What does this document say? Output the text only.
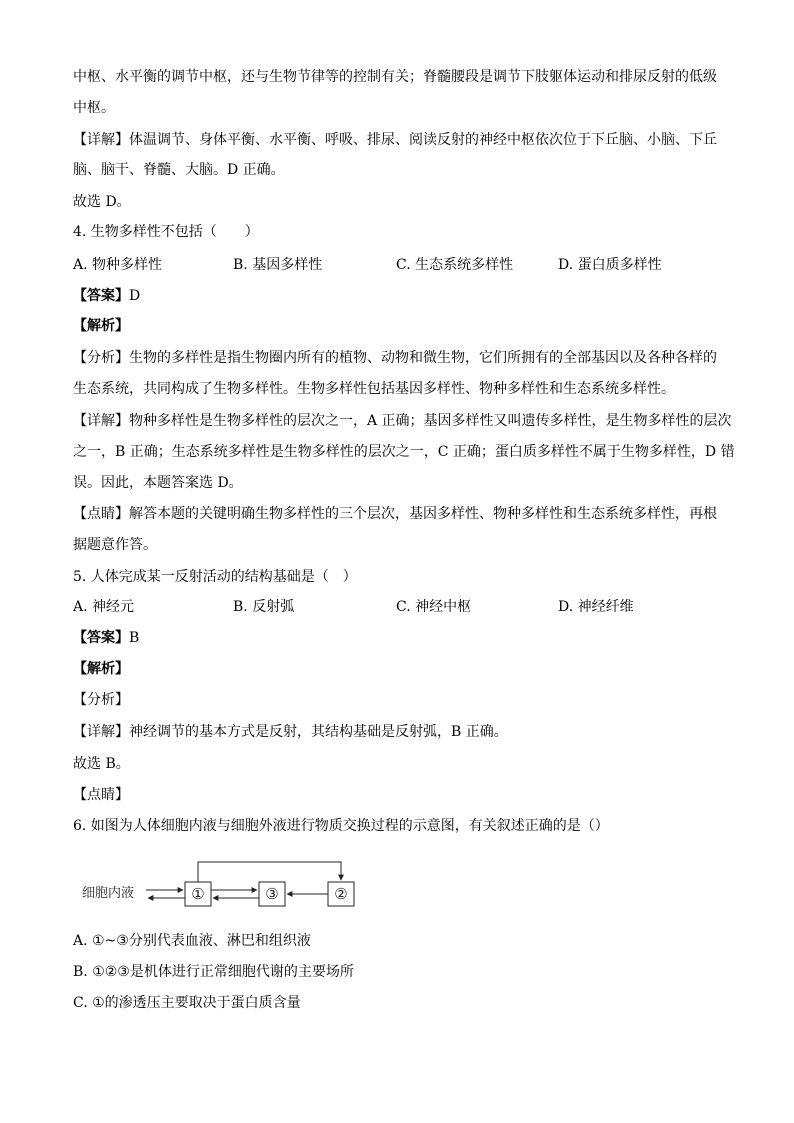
中枢、水平衡的调节中枢，还与生物节律等的控制有关；脊髓腰段是调节下肢躯体运动和排尿反射的低级
中枢。
【详解】体温调节、身体平衡、水平衡、呼吸、排尿、阅读反射的神经中枢依次位于下丘脑、小脑、下丘
脑、脑干、脊髓、大脑。D 正确。
故选 D。
4. 生物多样性不包括（　　）
A. 物种多样性	B. 基因多样性	C. 生态系统多样性	D. 蛋白质多样性
【答案】D
【解析】
【分析】生物的多样性是指生物圈内所有的植物、动物和微生物，它们所拥有的全部基因以及各种各样的
生态系统，共同构成了生物多样性。生物多样性包括基因多样性、物种多样性和生态系统多样性。
【详解】物种多样性是生物多样性的层次之一，A 正确；基因多样性又叫遗传多样性，是生物多样性的层次
之一，B 正确；生态系统多样性是生物多样性的层次之一，C 正确；蛋白质多样性不属于生物多样性，D 错
误。因此，本题答案选 D。
【点睛】解答本题的关键明确生物多样性的三个层次，基因多样性、物种多样性和生态系统多样性，再根
据题意作答。
5. 人体完成某一反射活动的结构基础是（　）
A. 神经元	B. 反射弧	C. 神经中枢	D. 神经纤维
【答案】B
【解析】
【分析】
【详解】神经调节的基本方式是反射，其结构基础是反射弧，B 正确。
故选 B。
【点睛】
6. 如图为人体细胞内液与细胞外液进行物质交换过程的示意图，有关叙述正确的是（）
细胞内液	①	③	②
A. ①~③分别代表血液、淋巴和组织液
B. ①②③是机体进行正常细胞代谢的主要场所
C. ①的渗透压主要取决于蛋白质含量
